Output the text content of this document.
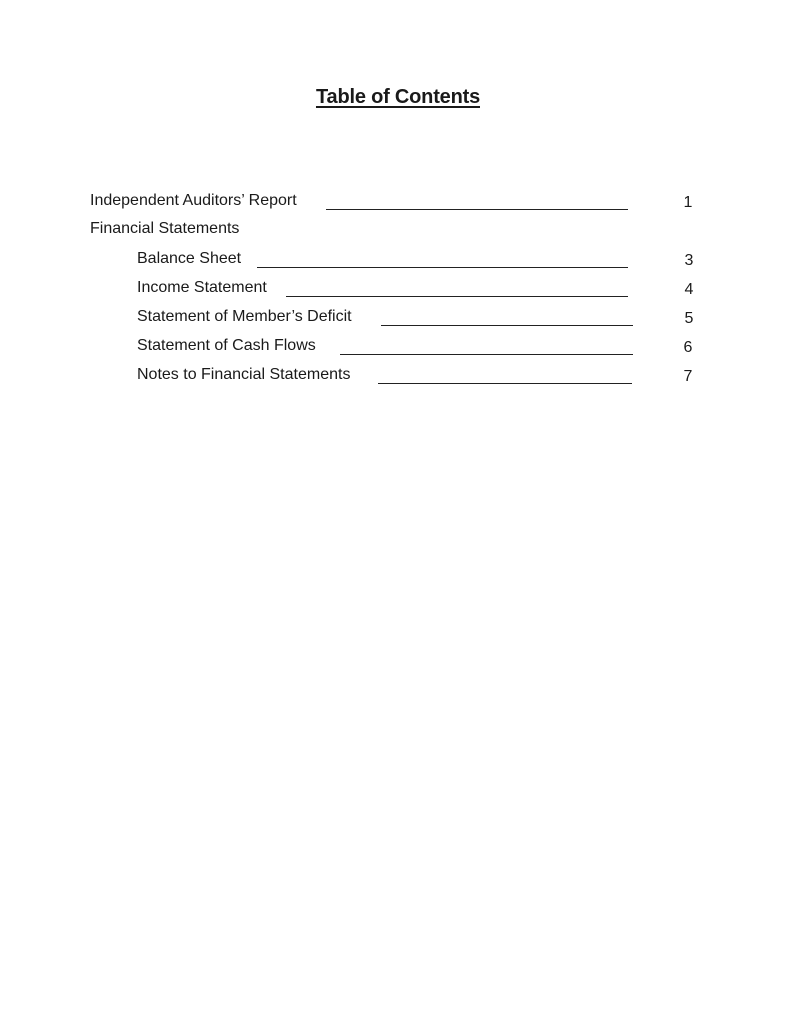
Table of Contents
Independent Auditors’ Report	1
Financial Statements
Balance Sheet	3
Income Statement	4
Statement of Member’s Deficit	5
Statement of Cash Flows	6
Notes to Financial Statements	7
